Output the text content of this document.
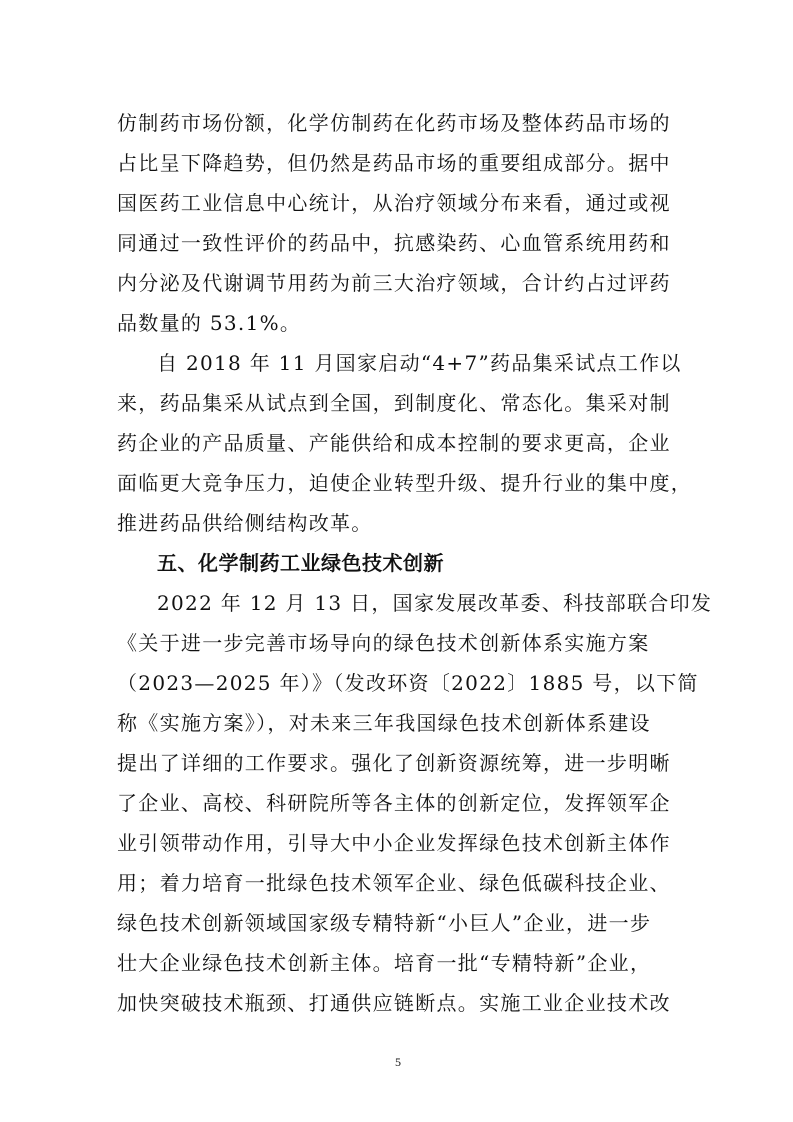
仿制药市场份额，化学仿制药在化药市场及整体药品市场的
占比呈下降趋势，但仍然是药品市场的重要组成部分。据中
国医药工业信息中心统计，从治疗领域分布来看，通过或视
同通过一致性评价的药品中，抗感染药、心血管系统用药和
内分泌及代谢调节用药为前三大治疗领域，合计约占过评药
品数量的 53.1%。
自 2018 年 11 月国家启动“4+7”药品集采试点工作以
来，药品集采从试点到全国，到制度化、常态化。集采对制
药企业的产品质量、产能供给和成本控制的要求更高，企业
面临更大竞争压力，迫使企业转型升级、提升行业的集中度，
推进药品供给侧结构改革。
五、化学制药工业绿色技术创新
2022 年 12 月 13 日，国家发展改革委、科技部联合印发
《关于进一步完善市场导向的绿色技术创新体系实施方案
（2023—2025 年）》（发改环资〔2022〕1885 号，以下简
称《实施方案》），对未来三年我国绿色技术创新体系建设
提出了详细的工作要求。强化了创新资源统筹，进一步明晰
了企业、高校、科研院所等各主体的创新定位，发挥领军企
业引领带动作用，引导大中小企业发挥绿色技术创新主体作
用；着力培育一批绿色技术领军企业、绿色低碳科技企业、
绿色技术创新领域国家级专精特新“小巨人”企业，进一步
壮大企业绿色技术创新主体。培育一批“专精特新”企业，
加快突破技术瓶颈、打通供应链断点。实施工业企业技术改
5
